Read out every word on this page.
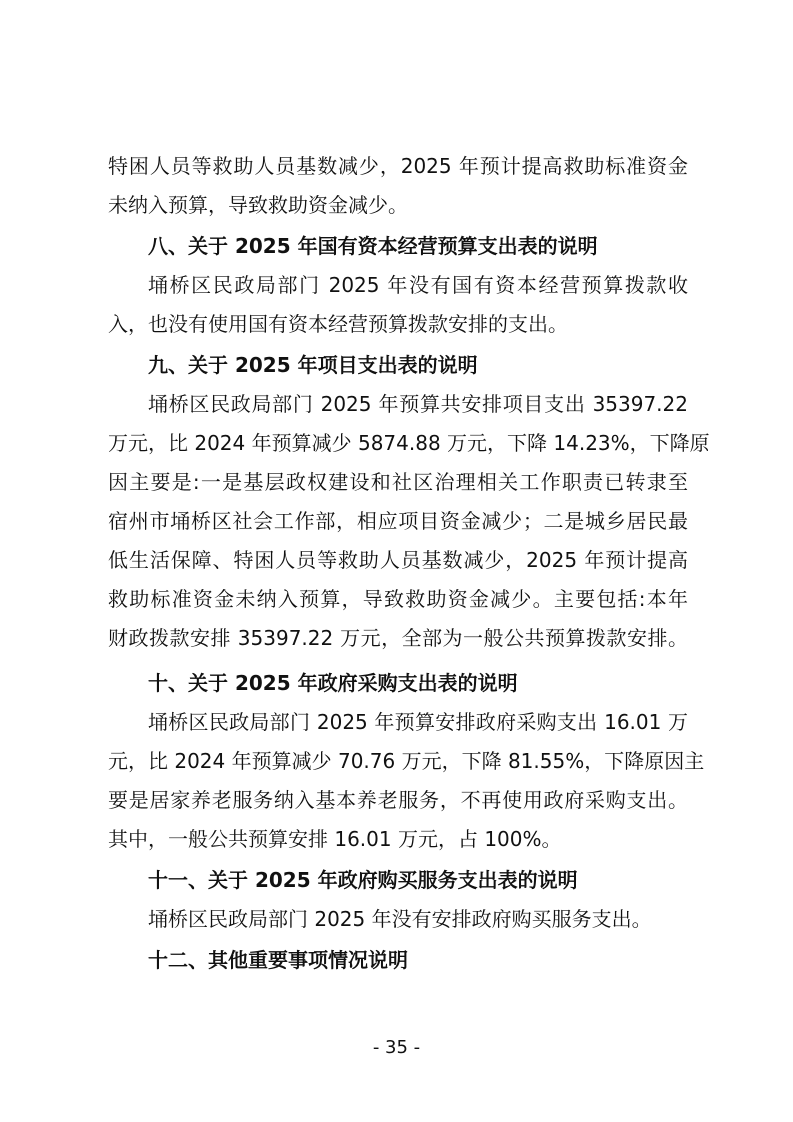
特困人员等救助人员基数减少，2025 年预计提高救助标准资金
未纳入预算，导致救助资金减少。
八、关于 2025 年国有资本经营预算支出表的说明
埇桥区民政局部门 2025 年没有国有资本经营预算拨款收
入，也没有使用国有资本经营预算拨款安排的支出。
九、关于 2025 年项目支出表的说明
埇桥区民政局部门 2025 年预算共安排项目支出 35397.22
万元，比 2024 年预算减少 5874.88 万元，下降 14.23%，下降原
因主要是:一是基层政权建设和社区治理相关工作职责已转隶至
宿州市埇桥区社会工作部，相应项目资金减少；二是城乡居民最
低生活保障、特困人员等救助人员基数减少，2025 年预计提高
救助标准资金未纳入预算，导致救助资金减少。主要包括:本年
财政拨款安排 35397.22 万元，全部为一般公共预算拨款安排。
十、关于 2025 年政府采购支出表的说明
埇桥区民政局部门 2025 年预算安排政府采购支出 16.01 万
元，比 2024 年预算减少 70.76 万元，下降 81.55%，下降原因主
要是居家养老服务纳入基本养老服务，不再使用政府采购支出。
其中，一般公共预算安排 16.01 万元，占 100%。
十一、关于 2025 年政府购买服务支出表的说明
埇桥区民政局部门 2025 年没有安排政府购买服务支出。
十二、其他重要事项情况说明
- 35 -
